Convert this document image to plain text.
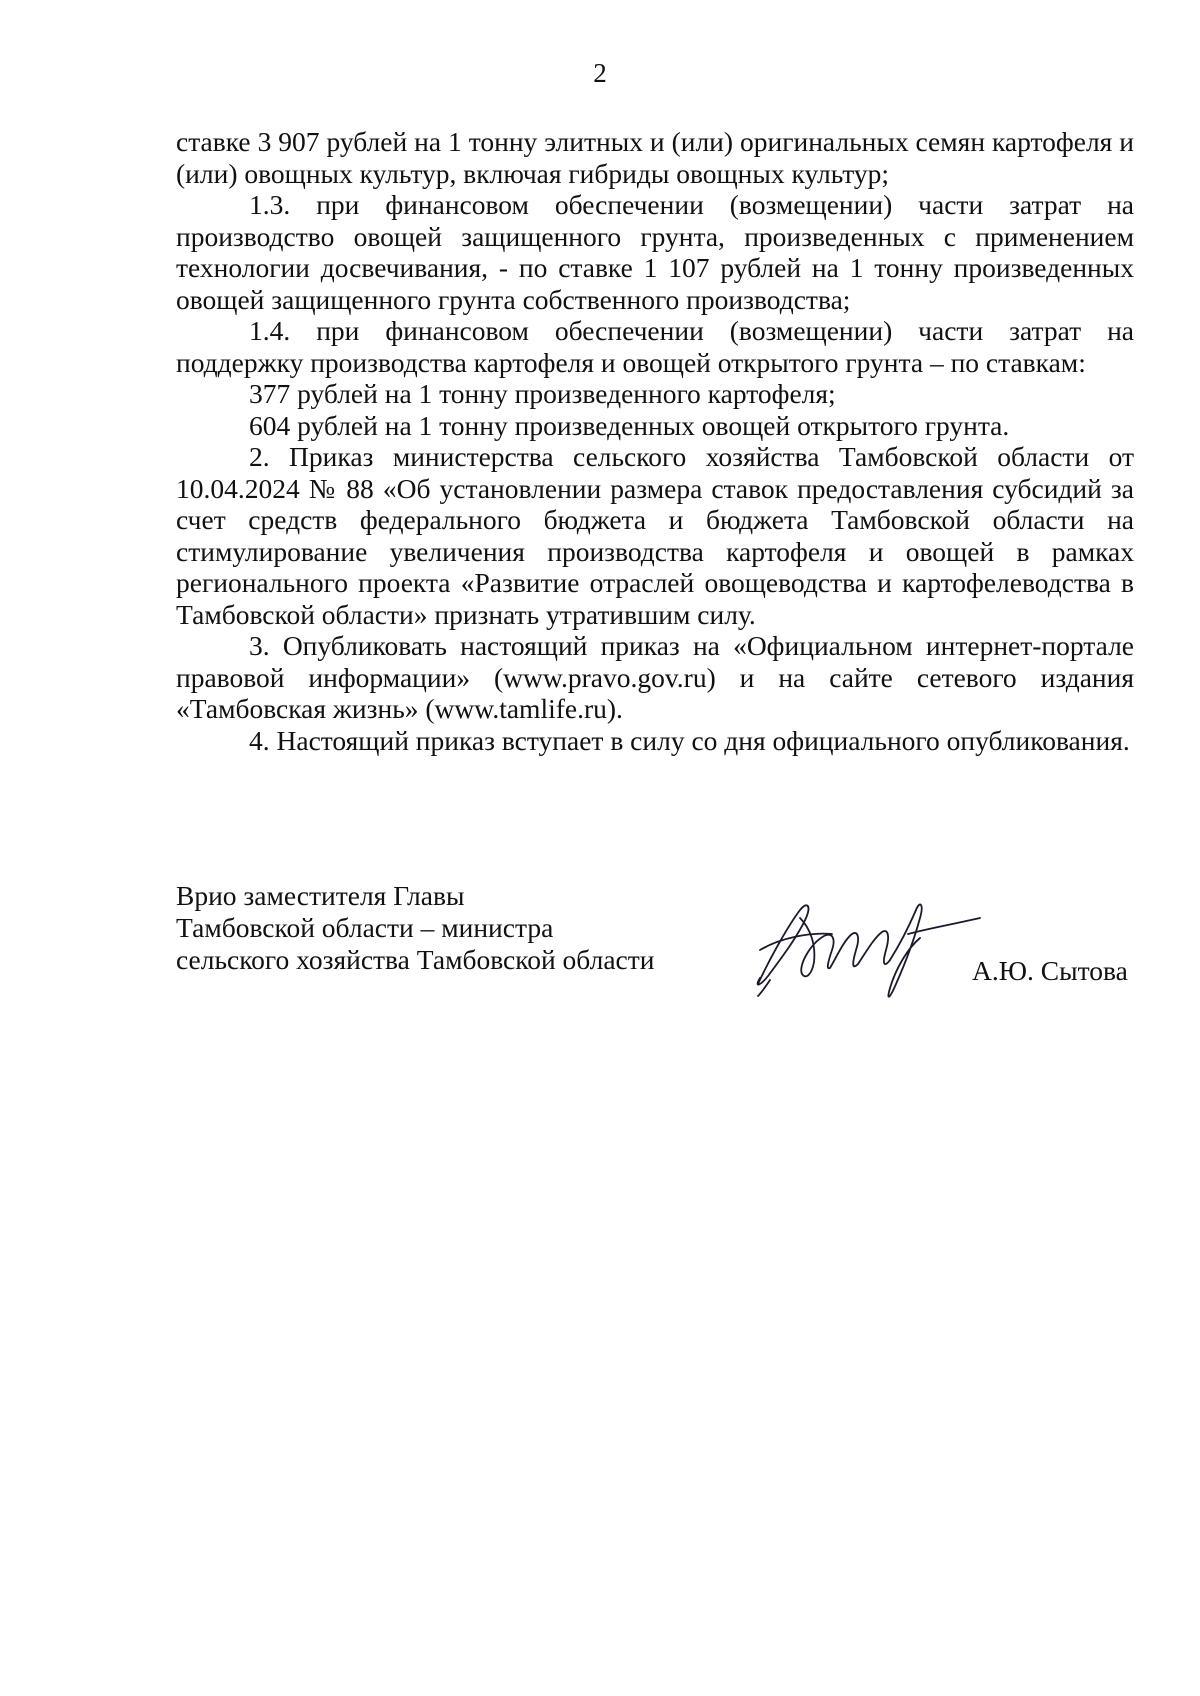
2

ставке 3 907 рублей на 1 тонну элитных и (или) оригинальных семян картофеля и (или) овощных культур, включая гибриды овощных культур;

1.3. при финансовом обеспечении (возмещении) части затрат на производство овощей защищенного грунта, произведенных с применением технологии досвечивания, - по ставке 1 107 рублей на 1 тонну произведенных овощей защищенного грунта собственного производства;

1.4. при финансовом обеспечении (возмещении) части затрат на поддержку производства картофеля и овощей открытого грунта – по ставкам:

377 рублей на 1 тонну произведенного картофеля;

604 рублей на 1 тонну произведенных овощей открытого грунта.

2. Приказ министерства сельского хозяйства Тамбовской области от 10.04.2024 № 88 «Об установлении размера ставок предоставления субсидий за счет средств федерального бюджета и бюджета Тамбовской области на стимулирование увеличения производства картофеля и овощей в рамках регионального проекта «Развитие отраслей овощеводства и картофелеводства в Тамбовской области» признать утратившим силу.

3. Опубликовать настоящий приказ на «Официальном интернет-портале правовой информации» (www.pravo.gov.ru) и на сайте сетевого издания «Тамбовская жизнь» (www.tamlife.ru).

4. Настоящий приказ вступает в силу со дня официального опубликования.

Врио заместителя Главы
Тамбовской области – министра
сельского хозяйства Тамбовской области	А.Ю. Сытова
